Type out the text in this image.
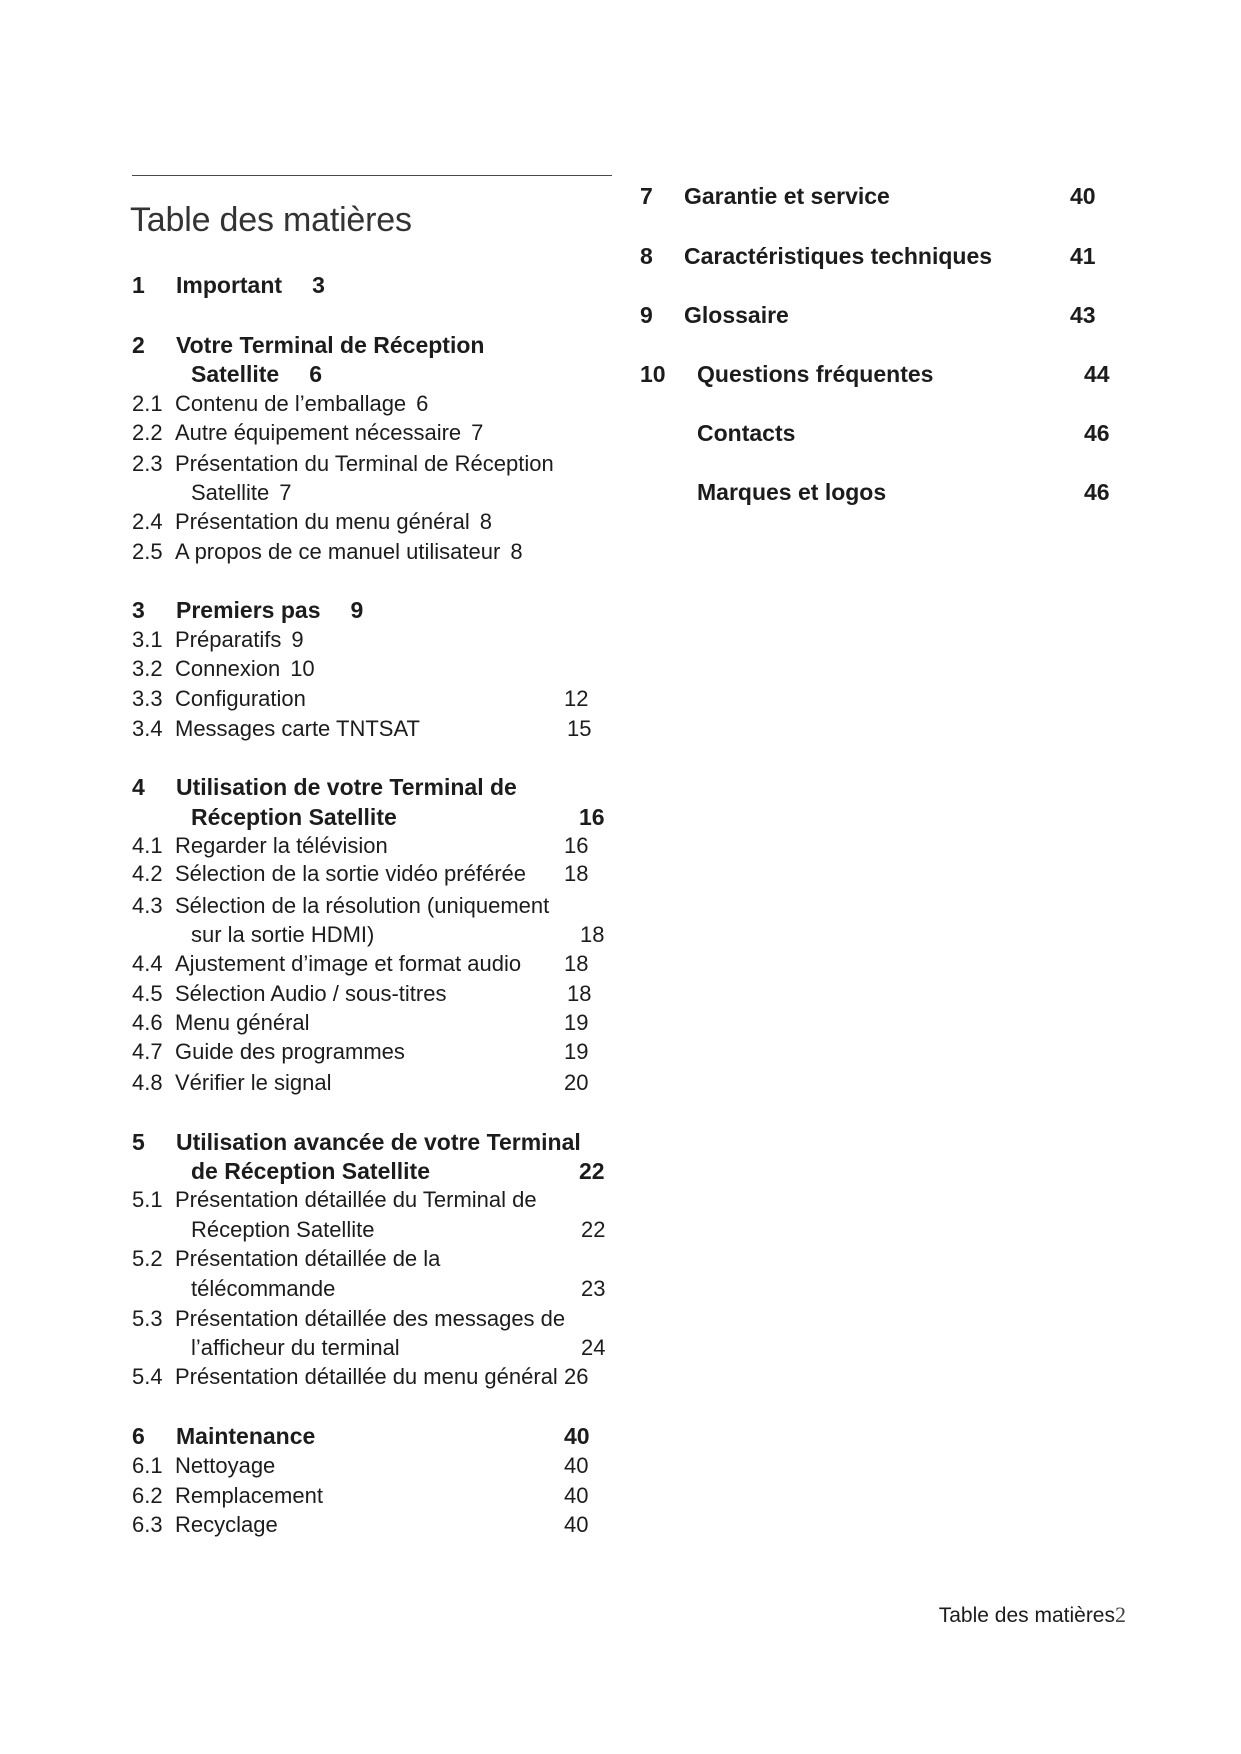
Table des matières
1 Important 3
2 Votre Terminal de Réception
Satellite 6
2.1 Contenu de l’emballage 6
2.2 Autre équipement nécessaire 7
2.3 Présentation du Terminal de Réception
Satellite 7
2.4 Présentation du menu général 8
2.5 A propos de ce manuel utilisateur 8
3 Premiers pas 9
3.1 Préparatifs 9
3.2 Connexion 10
3.3 Configuration	12
3.4 Messages carte TNTSAT	15
4 Utilisation de votre Terminal de
Réception Satellite	16
4.1 Regarder la télévision	16
4.2 Sélection de la sortie vidéo préférée 18
4.3 Sélection de la résolution (uniquement
sur la sortie HDMI)	18
4.4 Ajustement d’image et format audio 18
4.5 Sélection Audio / sous-titres	18
4.6 Menu général	19
4.7 Guide des programmes	19
4.8 Vérifier le signal	20
5 Utilisation avancée de votre Terminal
de Réception Satellite	22
5.1 Présentation détaillée du Terminal de
Réception Satellite	22
5.2 Présentation détaillée de la
télécommande	23
5.3 Présentation détaillée des messages de
l’afficheur du terminal	24
5.4 Présentation détaillée du menu général 26
6 Maintenance	40
6.1 Nettoyage	40
6.2 Remplacement	40
6.3 Recyclage	40
7 Garantie et service	40
8 Caractéristiques techniques	41
9 Glossaire	43
10 Questions fréquentes	44
Contacts	46
Marques et logos	46
Table des matières2
